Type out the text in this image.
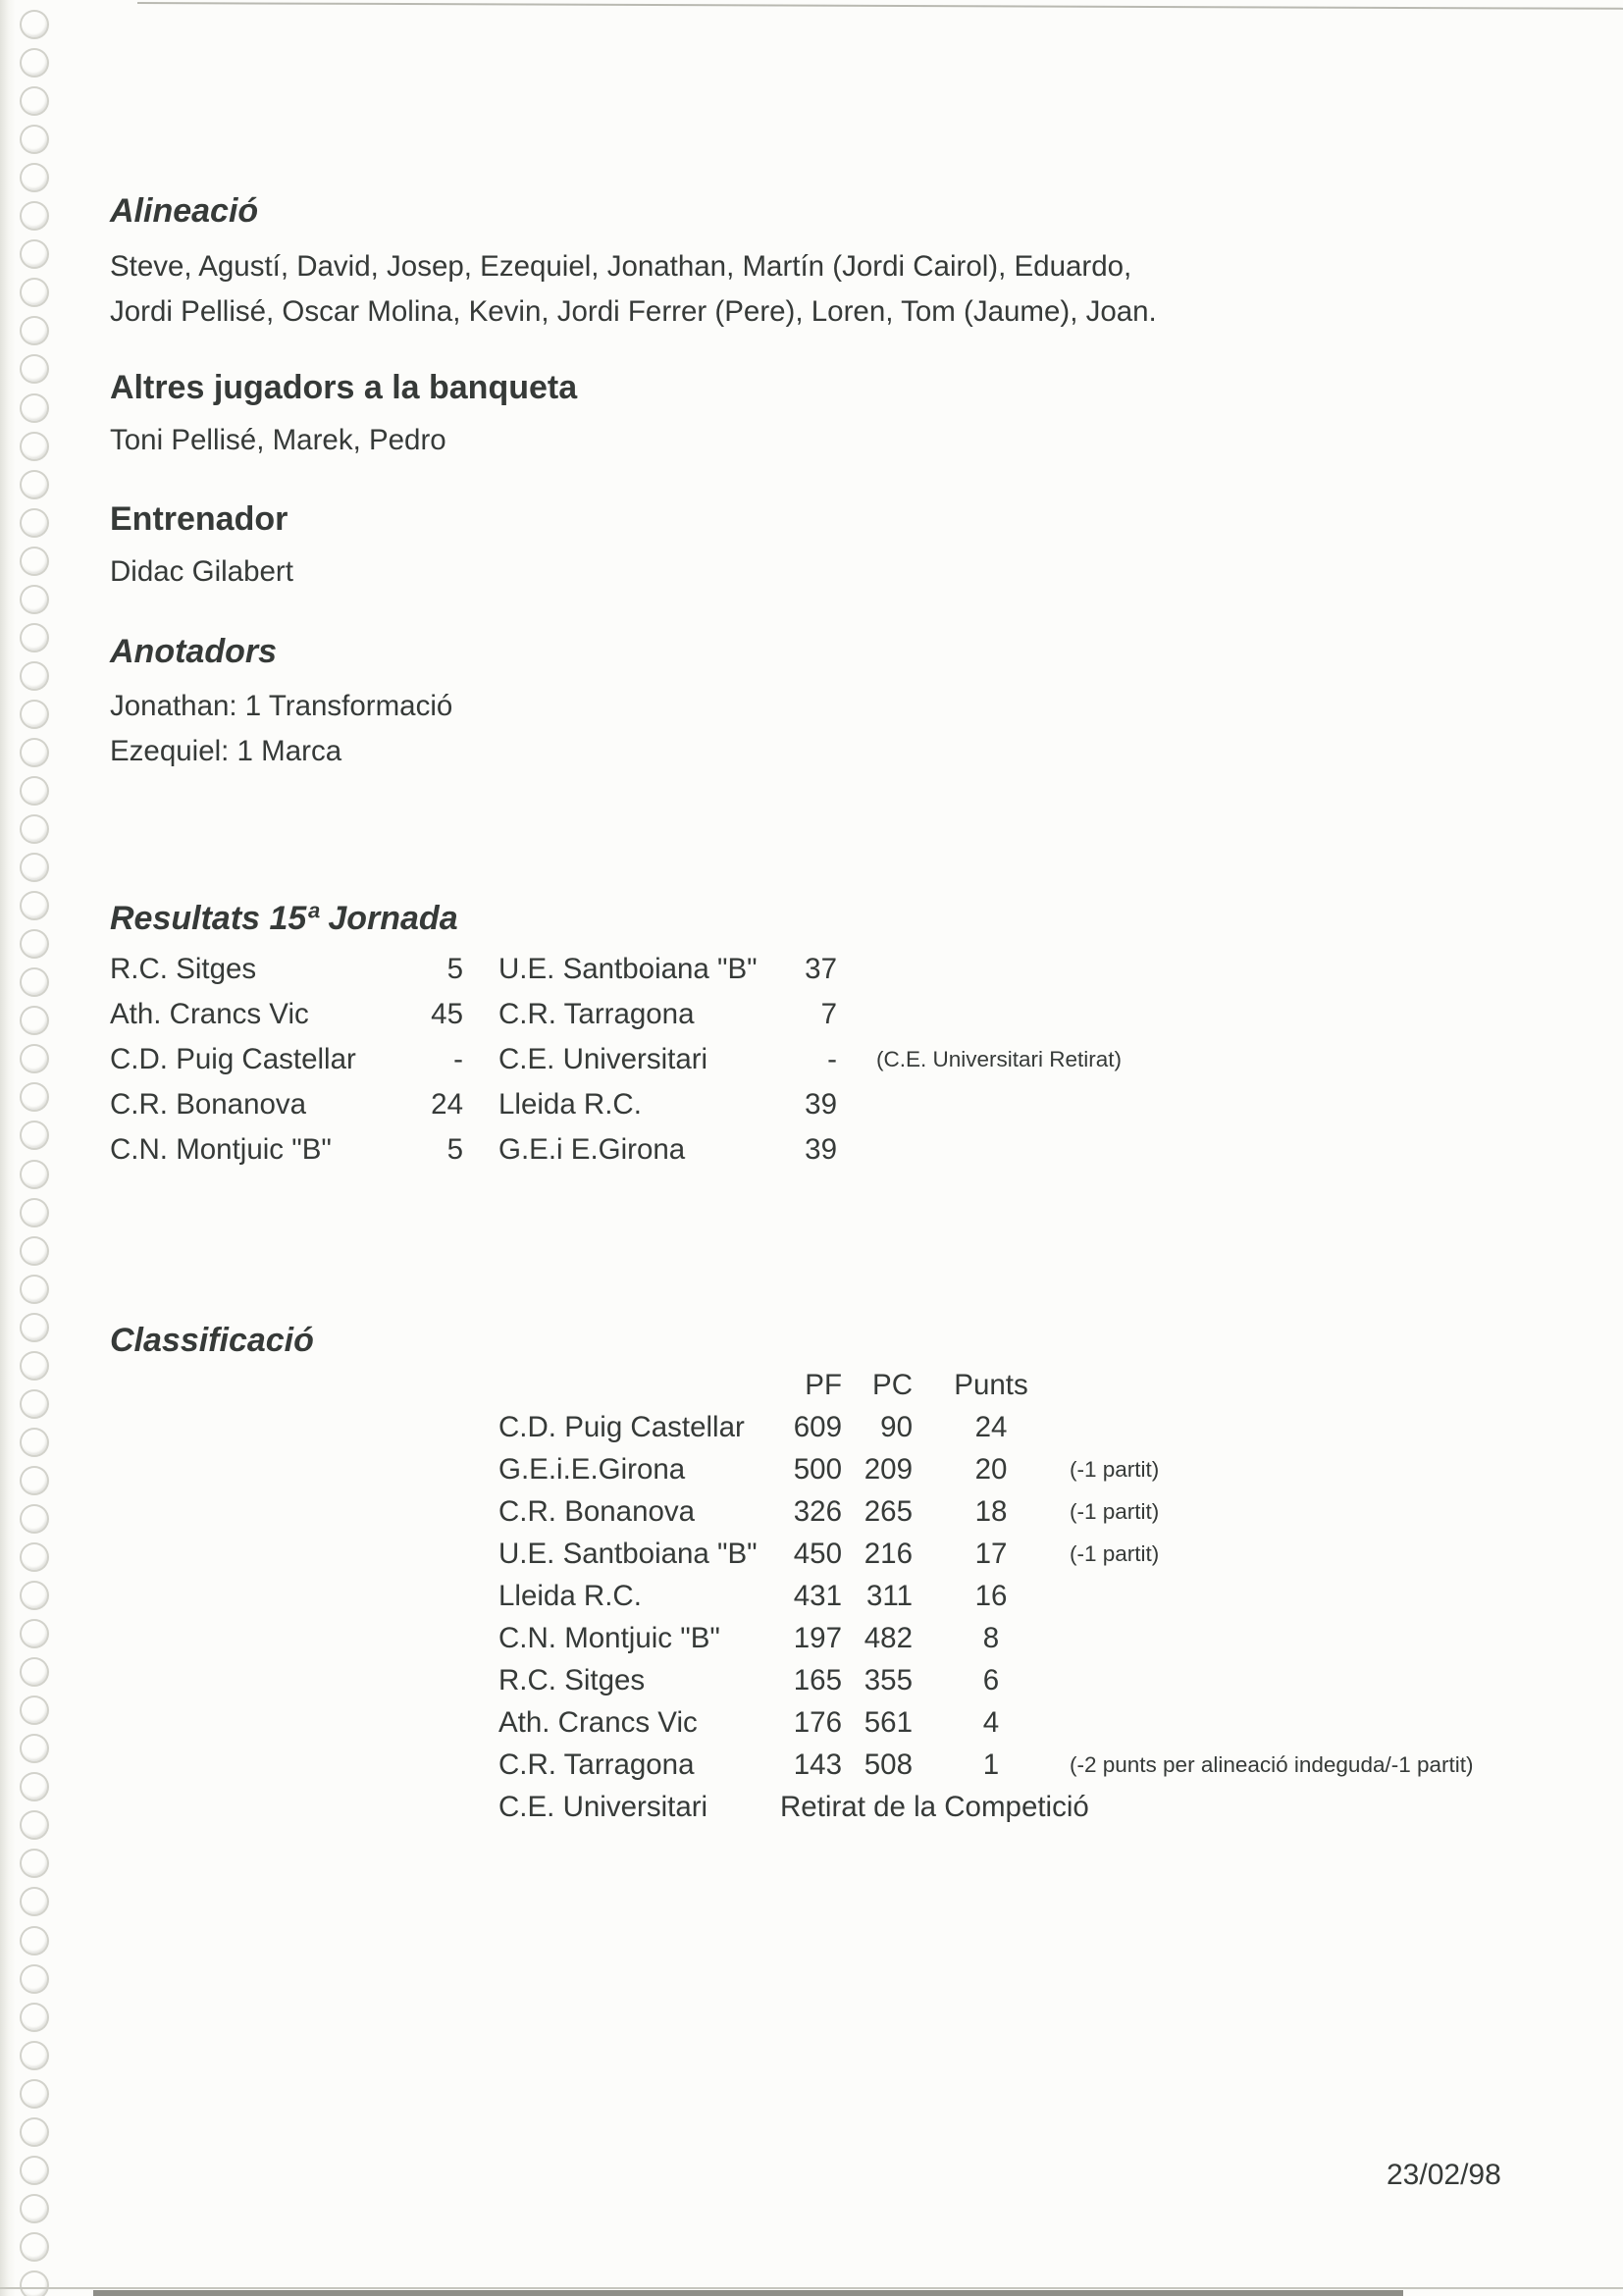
Alineació
Steve, Agustí, David, Josep, Ezequiel, Jonathan, Martín (Jordi Cairol), Eduardo,
Jordi Pellisé, Oscar Molina, Kevin, Jordi Ferrer (Pere), Loren, Tom (Jaume), Joan.
Altres jugadors a la banqueta
Toni Pellisé, Marek, Pedro
Entrenador
Didac Gilabert
Anotadors
Jonathan: 1 Transformació
Ezequiel: 1 Marca
Resultats 15ª Jornada
R.C. Sitges	5 U.E. Santboiana "B"	37
Ath. Crancs Vic	45 C.R. Tarragona	7
C.D. Puig Castellar	- C.E. Universitari	- (C.E. Universitari Retirat)
C.R. Bonanova	24 Lleida R.C.	39
C.N. Montjuic "B"	5 G.E.i E.Girona	39
Classificació
PF	PC	Punts
C.D. Puig Castellar	609	90	24
G.E.i.E.Girona	500 209	20	(-1 partit)
C.R. Bonanova	326 265	18	(-1 partit)
U.E. Santboiana "B"	450 216	17	(-1 partit)
Lleida R.C.	431 311	16
C.N. Montjuic "B"	197 482	8
R.C. Sitges	165 355	6
Ath. Crancs Vic	176 561	4
C.R. Tarragona	143 508	1	(-2 punts per alineació indeguda/-1 partit)
C.E. Universitari	Retirat de la Competició
23/02/98
